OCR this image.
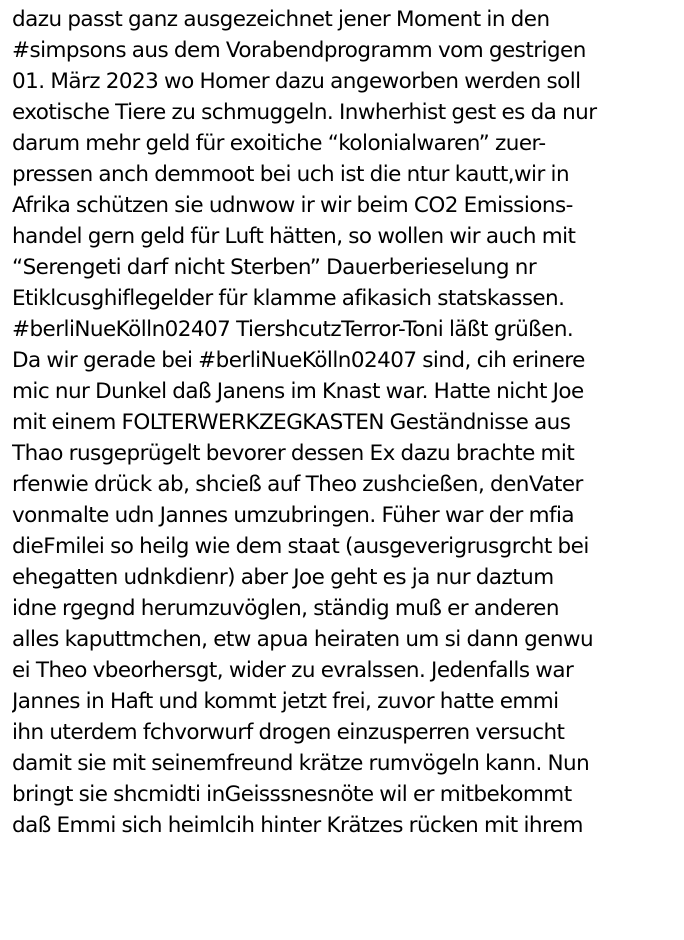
dazu passt ganz ausgezeichnet jener Moment in den
#simpsons aus dem Vorabendprogramm vom gestrigen
01. März 2023 wo Homer dazu angeworben werden soll
exotische Tiere zu schmuggeln. Inwherhist gest es da nur
darum mehr geld für exoitiche “kolonialwaren” zuer-
pressen anch demmoot bei uch ist die ntur kautt,wir in
Afrika schützen sie udnwow ir wir beim CO2 Emissions-
handel gern geld für Luft hätten, so wollen wir auch mit
“Serengeti darf nicht Sterben” Dauerberieselung nr
Etiklcusghiflegelder für klamme afikasich statskassen.
#berliNueKölln02407 TiershcutzTerror-Toni läßt grüßen.
Da wir gerade bei #berliNueKölln02407 sind, cih erinere
mic nur Dunkel daß Janens im Knast war. Hatte nicht Joe
mit einem FOLTERWERKZEGKASTEN Geständnisse aus
Thao rusgeprügelt bevorer dessen Ex dazu brachte mit
rfenwie drück ab, shcieß auf Theo zushcießen, denVater
vonmalte udn Jannes umzubringen. Füher war der mfia
dieFmilei so heilg wie dem staat (ausgeverigrusgrcht bei
ehegatten udnkdienr) aber Joe geht es ja nur daztum
idne rgegnd herumzuvöglen, ständig muß er anderen
alles kaputtmchen, etw apua heiraten um si dann genwu
ei Theo vbeorhersgt, wider zu evralssen. Jedenfalls war
Jannes in Haft und kommt jetzt frei, zuvor hatte emmi
ihn uterdem fchvorwurf drogen einzusperren versucht
damit sie mit seinemfreund krätze rumvögeln kann. Nun
bringt sie shcmidti inGeisssnesnöte wil er mitbekommt
daß Emmi sich heimlcih hinter Krätzes rücken mit ihrem
